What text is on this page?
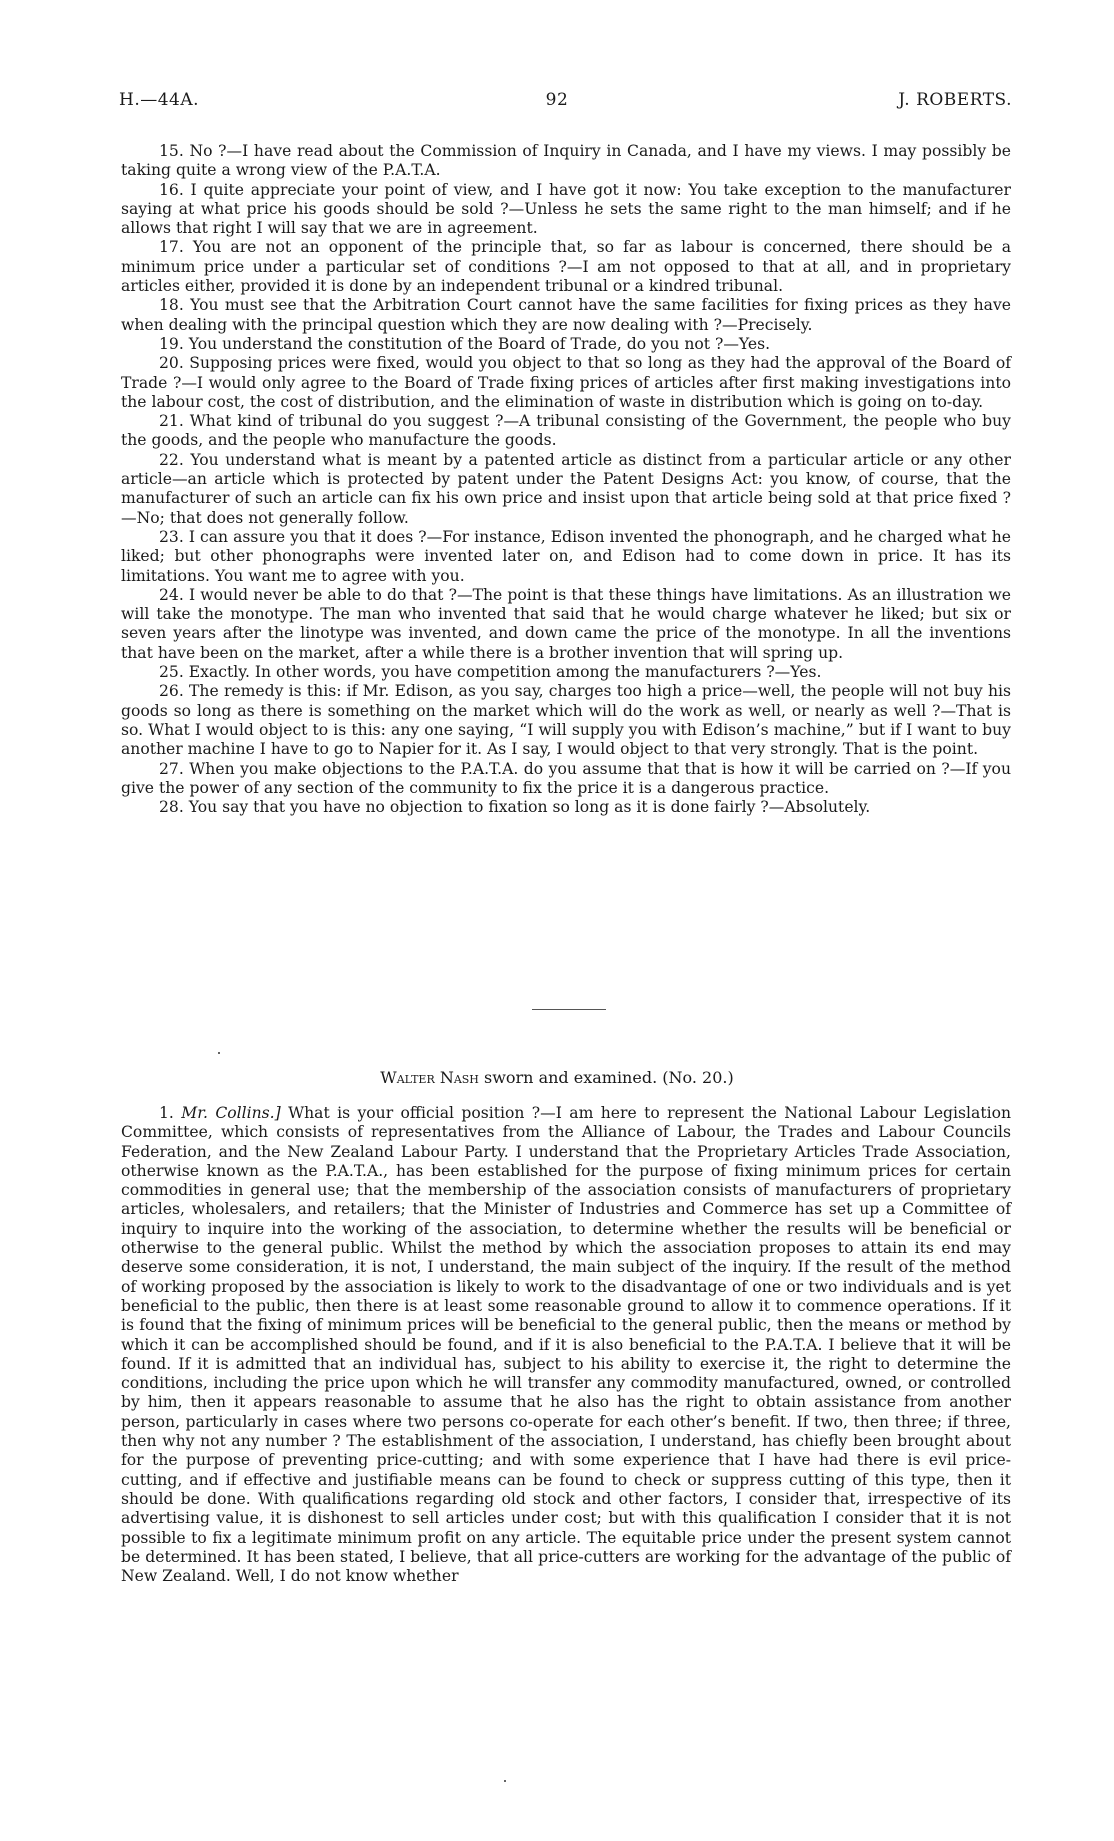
H.—44A.	92	J. ROBERTS.

15. No ?—I have read about the Commission of Inquiry in Canada, and I have my views. I may possibly be taking quite a wrong view of the P.A.T.A.

16. I quite appreciate your point of view, and I have got it now: You take exception to the manufacturer saying at what price his goods should be sold ?—Unless he sets the same right to the man himself; and if he allows that right I will say that we are in agreement.

17. You are not an opponent of the principle that, so far as labour is concerned, there should be a minimum price under a particular set of conditions ?—I am not opposed to that at all, and in proprietary articles either, provided it is done by an independent tribunal or a kindred tribunal.

18. You must see that the Arbitration Court cannot have the same facilities for fixing prices as they have when dealing with the principal question which they are now dealing with ?—Precisely.

19. You understand the constitution of the Board of Trade, do you not ?—Yes.

20. Supposing prices were fixed, would you object to that so long as they had the approval of the Board of Trade ?—I would only agree to the Board of Trade fixing prices of articles after first making investigations into the labour cost, the cost of distribution, and the elimination of waste in distribution which is going on to-day.

21. What kind of tribunal do you suggest ?—A tribunal consisting of the Government, the people who buy the goods, and the people who manufacture the goods.

22. You understand what is meant by a patented article as distinct from a particular article or any other article—an article which is protected by patent under the Patent Designs Act: you know, of course, that the manufacturer of such an article can fix his own price and insist upon that article being sold at that price fixed ?—No; that does not generally follow.

23. I can assure you that it does ?—For instance, Edison invented the phonograph, and he charged what he liked; but other phonographs were invented later on, and Edison had to come down in price. It has its limitations. You want me to agree with you.

24. I would never be able to do that ?—The point is that these things have limitations. As an illustration we will take the monotype. The man who invented that said that he would charge whatever he liked; but six or seven years after the linotype was invented, and down came the price of the monotype. In all the inventions that have been on the market, after a while there is a brother invention that will spring up.

25. Exactly. In other words, you have competition among the manufacturers ?—Yes.

26. The remedy is this: if Mr. Edison, as you say, charges too high a price—well, the people will not buy his goods so long as there is something on the market which will do the work as well, or nearly as well ?—That is so. What I would object to is this: any one saying, “I will supply you with Edison’s machine,” but if I want to buy another machine I have to go to Napier for it. As I say, I would object to that very strongly. That is the point.

27. When you make objections to the P.A.T.A. do you assume that that is how it will be carried on ?—If you give the power of any section of the community to fix the price it is a dangerous practice.

28. You say that you have no objection to fixation so long as it is done fairly ?—Absolutely.

Walter Nash sworn and examined. (No. 20.)

1. Mr. Collins.] What is your official position ?—I am here to represent the National Labour Legislation Committee, which consists of representatives from the Alliance of Labour, the Trades and Labour Councils Federation, and the New Zealand Labour Party. I understand that the Proprietary Articles Trade Association, otherwise known as the P.A.T.A., has been established for the purpose of fixing minimum prices for certain commodities in general use; that the membership of the association consists of manufacturers of proprietary articles, wholesalers, and retailers; that the Minister of Industries and Commerce has set up a Committee of inquiry to inquire into the working of the association, to determine whether the results will be beneficial or otherwise to the general public. Whilst the method by which the association proposes to attain its end may deserve some consideration, it is not, I understand, the main subject of the inquiry. If the result of the method of working proposed by the association is likely to work to the disadvantage of one or two individuals and is yet beneficial to the public, then there is at least some reasonable ground to allow it to commence operations. If it is found that the fixing of minimum prices will be beneficial to the general public, then the means or method by which it can be accomplished should be found, and if it is also beneficial to the P.A.T.A. I believe that it will be found. If it is admitted that an individual has, subject to his ability to exercise it, the right to determine the conditions, including the price upon which he will transfer any commodity manufactured, owned, or controlled by him, then it appears reasonable to assume that he also has the right to obtain assistance from another person, particularly in cases where two persons co-operate for each other’s benefit. If two, then three; if three, then why not any number ? The establishment of the association, I understand, has chiefly been brought about for the purpose of preventing price-cutting; and with some experience that I have had there is evil price-cutting, and if effective and justifiable means can be found to check or suppress cutting of this type, then it should be done. With qualifications regarding old stock and other factors, I consider that, irrespective of its advertising value, it is dishonest to sell articles under cost; but with this qualification I consider that it is not possible to fix a legitimate minimum profit on any article. The equitable price under the present system cannot be determined. It has been stated, I believe, that all price-cutters are working for the advantage of the public of New Zealand. Well, I do not know whether
